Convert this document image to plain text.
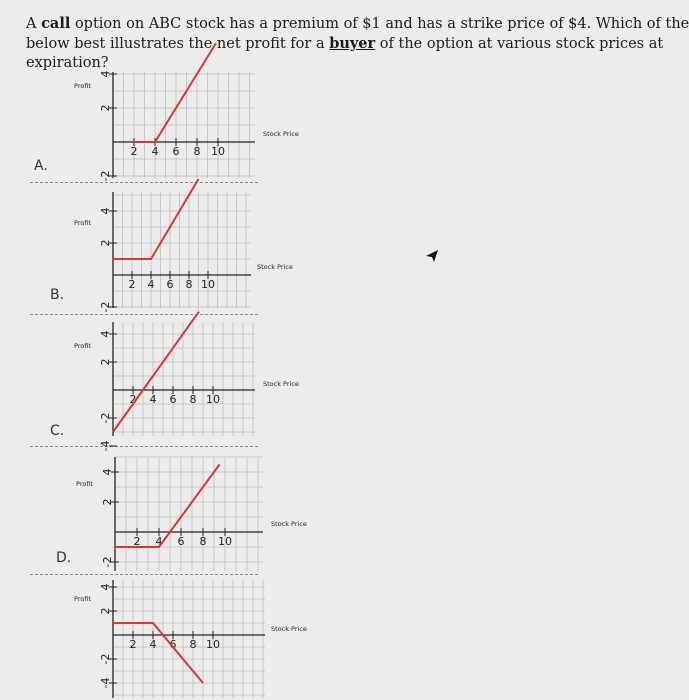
A call option on ABC stock has a premium of $1 and has a strike price of $4. Which of the
below best illustrates the net profit for a buyer of the option at various stock prices at
expiration?
A.
B.
C.
D.
2 4 6 8 10
4
2
-2
Profit
Stock Price
2 4 6 8 10
4
2
-2
Profit
Stock Price
2 4 6 8 10
4
2
-2
-4
Profit
Stock Price
2 4 6 8 10
4
2
-2
Profit
Stock Price
2 4 6 8 10
4
2
-2
-4
Profit
Stock Price
